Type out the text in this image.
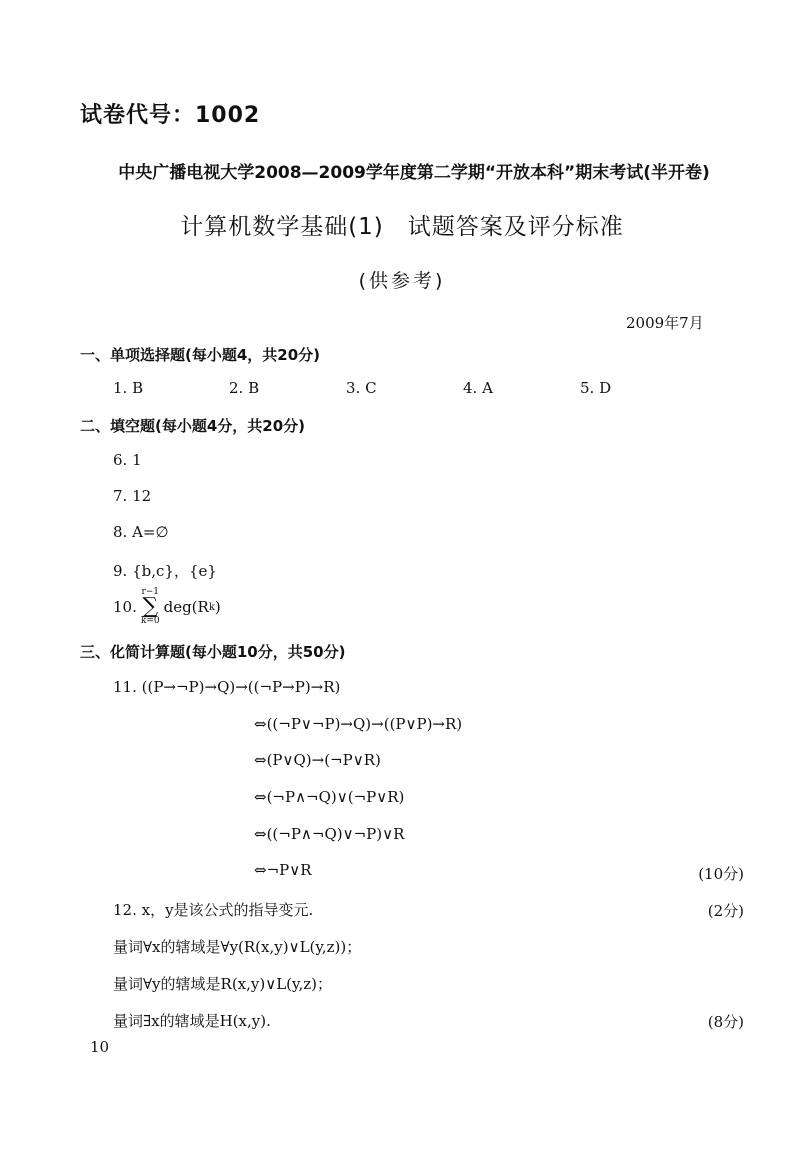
试卷代号：1002
中央广播电视大学2008—2009学年度第二学期“开放本科”期末考试(半开卷)
计算机数学基础(1)　试题答案及评分标准
(供参考)
2009年7月
一、单项选择题(每小题4，共20分)
1. B	2. B	3. C	4. A	5. D
二、填空题(每小题4分，共20分)
6. 1
7. 12
8. A=∅
9. {b,c}，{e}
10.
r−1
∑
k=0
deg(R k )
三、化简计算题(每小题10分，共50分)
11. ((P→¬P)→Q)→((¬P→P)→R)
⇔((¬P∨¬P)→Q)→((P∨P)→R)
⇔(P∨Q)→(¬P∨R)
⇔(¬P∧¬Q)∨(¬P∨R)
⇔((¬P∧¬Q)∨¬P)∨R
⇔¬P∨R	(10分)
12. x，y是该公式的指导变元.	(2分)
量词∀x的辖域是∀y(R(x,y)∨L(y,z))；
量词∀y的辖域是R(x,y)∨L(y,z)；
量词∃x的辖域是H(x,y).	(8分)
10
